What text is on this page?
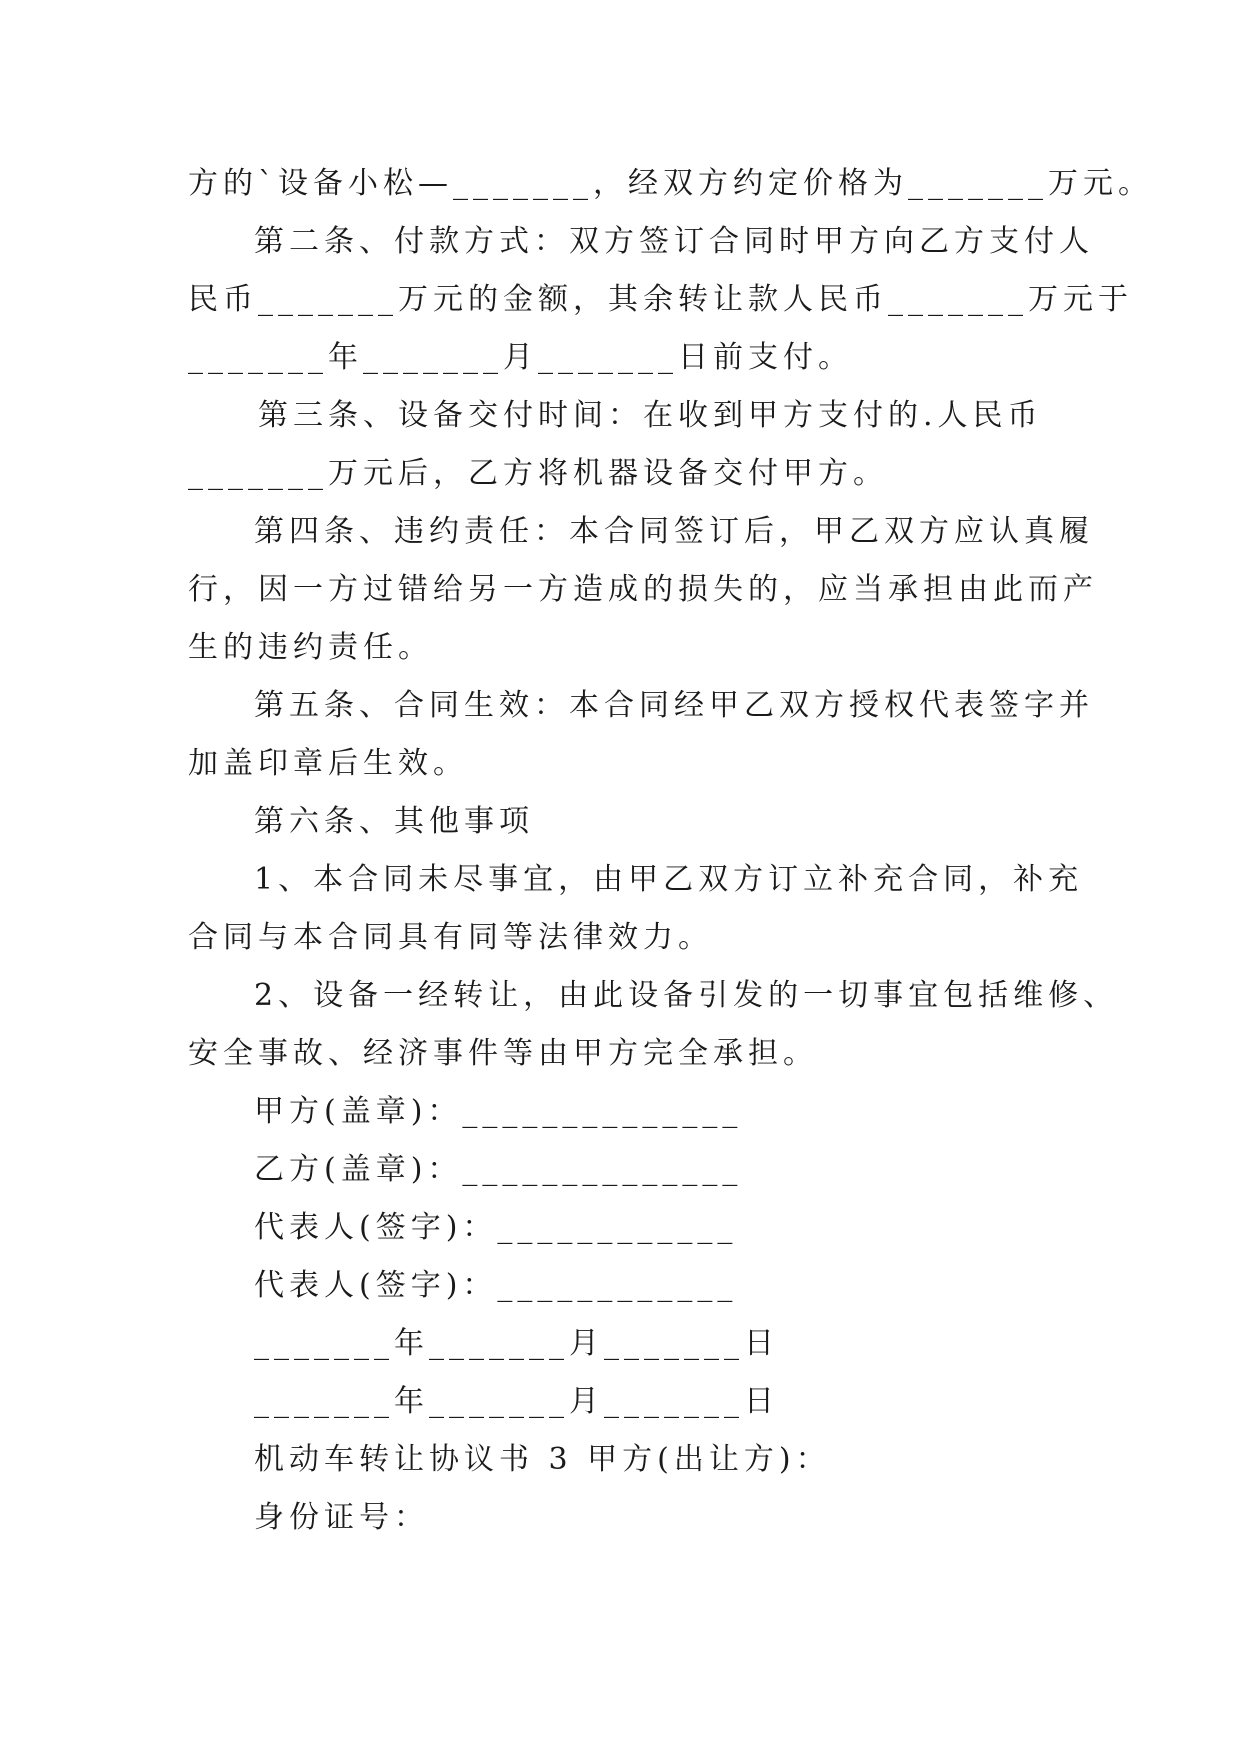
方的`设备小松—_______，经双方约定价格为_______万元。
第二条、付款方式：双方签订合同时甲方向乙方支付人
民币_______万元的金额，其余转让款人民币_______万元于
_______年_______月_______日前支付。
第三条、设备交付时间：在收到甲方支付的.人民币
_______万元后，乙方将机器设备交付甲方。
第四条、违约责任：本合同签订后，甲乙双方应认真履
行，因一方过错给另一方造成的损失的，应当承担由此而产
生的违约责任。
第五条、合同生效：本合同经甲乙双方授权代表签字并
加盖印章后生效。
第六条、其他事项
1、本合同未尽事宜，由甲乙双方订立补充合同，补充
合同与本合同具有同等法律效力。
2、设备一经转让，由此设备引发的一切事宜包括维修、
安全事故、经济事件等由甲方完全承担。
甲方(盖章)：______________
乙方(盖章)：______________
代表人(签字)：____________
代表人(签字)：____________
_______年_______月_______日
_______年_______月_______日
机动车转让协议书 3 甲方(出让方)：
身份证号：
